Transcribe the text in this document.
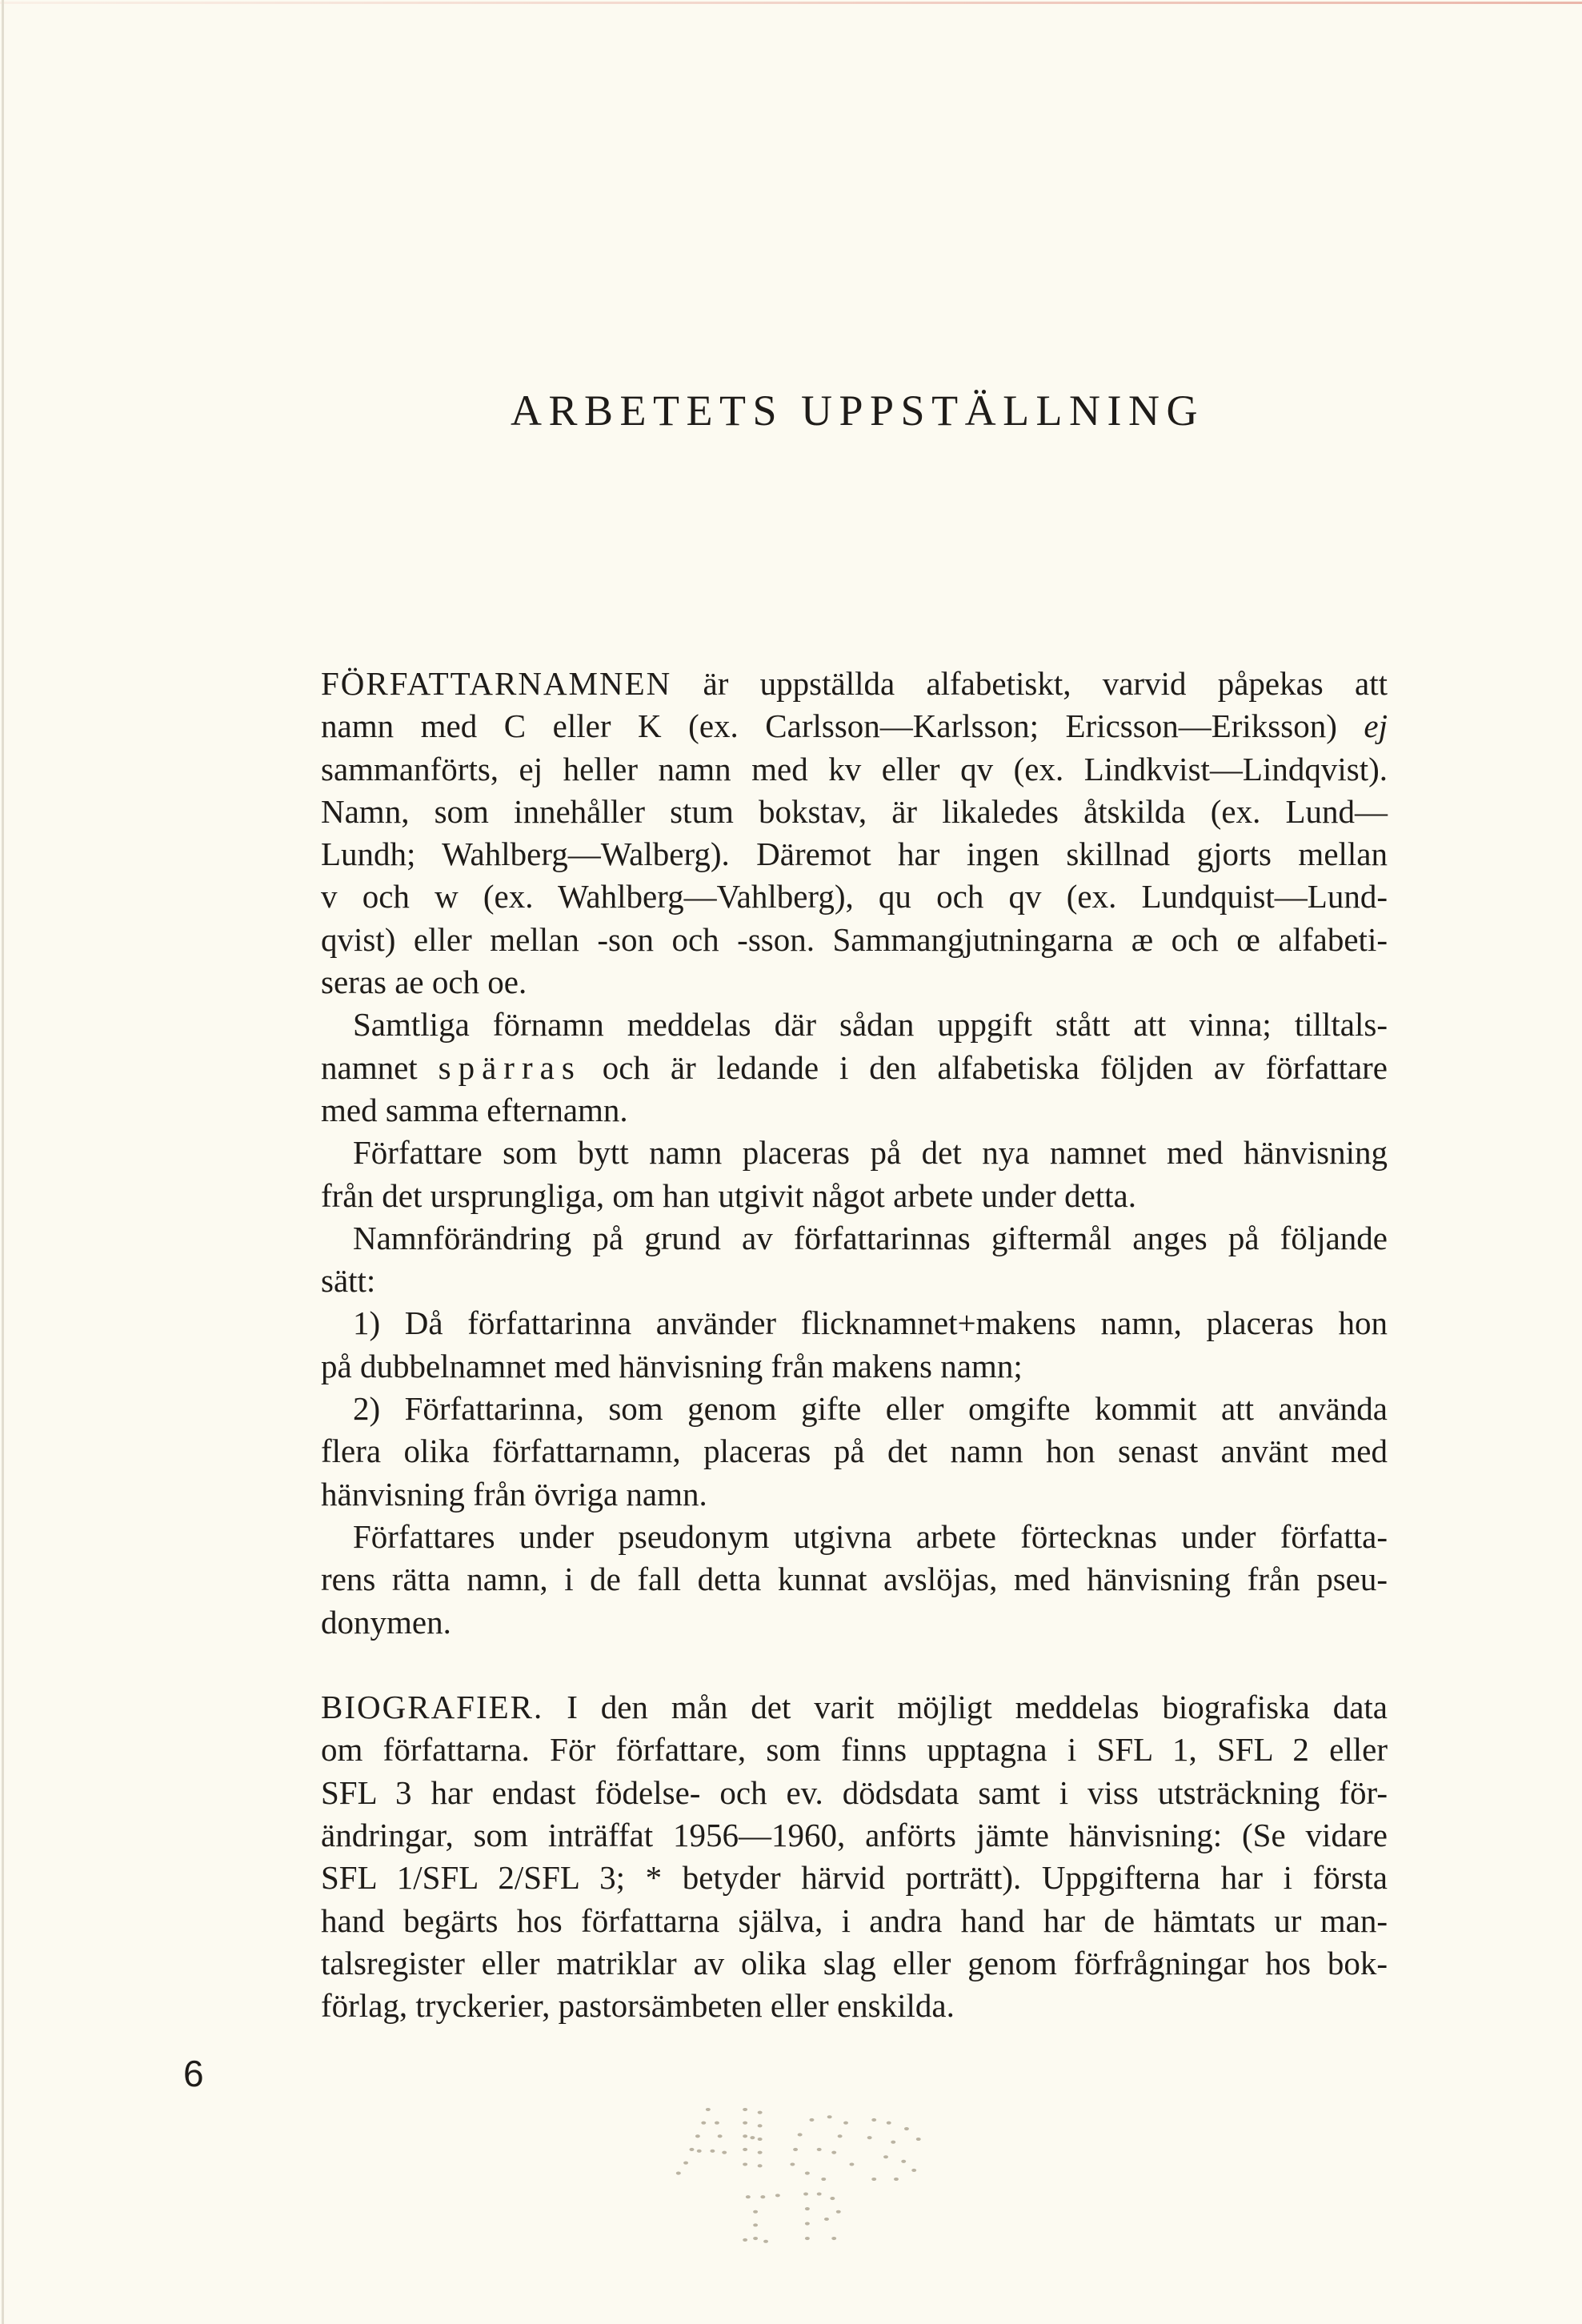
ARBETETS UPPSTÄLLNING
FÖRFATTARNAMNEN är uppställda alfabetiskt, varvid påpekas att
namn med C eller K (ex. Carlsson—Karlsson; Ericsson—Eriksson) ej
sammanförts, ej heller namn med kv eller qv (ex. Lindkvist—Lindqvist).
Namn, som innehåller stum bokstav, är likaledes åtskilda (ex. Lund—
Lundh; Wahlberg—Walberg). Däremot har ingen skillnad gjorts mellan
v och w (ex. Wahlberg—Vahlberg), qu och qv (ex. Lundquist—Lund-
qvist) eller mellan -son och -sson. Sammangjutningarna æ och œ alfabeti-
seras ae och oe.
Samtliga förnamn meddelas där sådan uppgift stått att vinna; tilltals-
namnet spärras och är ledande i den alfabetiska följden av författare
med samma efternamn.
Författare som bytt namn placeras på det nya namnet med hänvisning
från det ursprungliga, om han utgivit något arbete under detta.
Namnförändring på grund av författarinnas giftermål anges på följande
sätt:
1) Då författarinna använder flicknamnet+makens namn, placeras hon
på dubbelnamnet med hänvisning från makens namn;
2) Författarinna, som genom gifte eller omgifte kommit att använda
flera olika författarnamn, placeras på det namn hon senast använt med
hänvisning från övriga namn.
Författares under pseudonym utgivna arbete förtecknas under författa-
rens rätta namn, i de fall detta kunnat avslöjas, med hänvisning från pseu-
donymen.
BIOGRAFIER. I den mån det varit möjligt meddelas biografiska data
om författarna. För författare, som finns upptagna i SFL 1, SFL 2 eller
SFL 3 har endast födelse- och ev. dödsdata samt i viss utsträckning för-
ändringar, som inträffat 1956—1960, anförts jämte hänvisning: (Se vidare
SFL 1/SFL 2/SFL 3; * betyder härvid porträtt). Uppgifterna har i första
hand begärts hos författarna själva, i andra hand har de hämtats ur man-
talsregister eller matriklar av olika slag eller genom förfrågningar hos bok-
förlag, tryckerier, pastorsämbeten eller enskilda.
6
